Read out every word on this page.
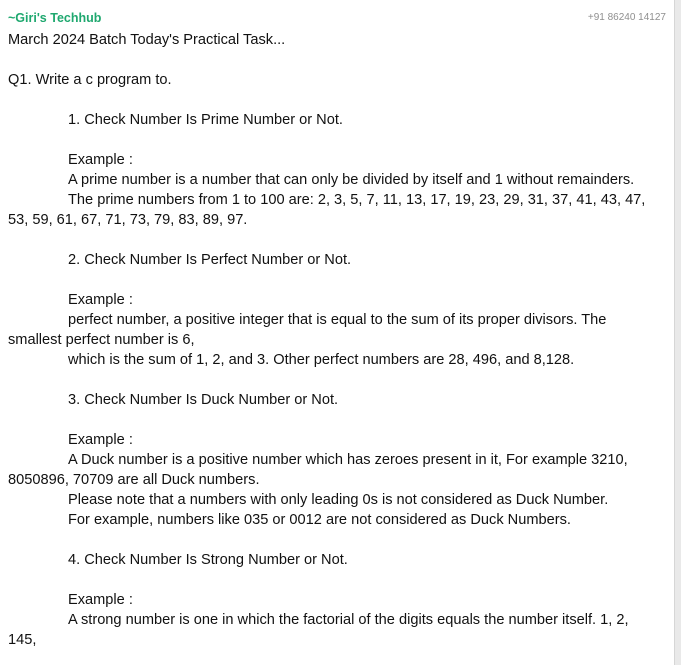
~Giri's Techhub	+91 86240 14127
March 2024 Batch Today's Practical Task...
Q1. Write a c program to.
1. Check Number Is Prime Number or Not.
Example :
A prime number is a number that can only be divided by itself and 1 without remainders.
The prime numbers from 1 to 100 are: 2, 3, 5, 7, 11, 13, 17, 19, 23, 29, 31, 37, 41, 43, 47,
53, 59, 61, 67, 71, 73, 79, 83, 89, 97.
2. Check Number Is Perfect Number or Not.
Example :
perfect number, a positive integer that is equal to the sum of its proper divisors. The
smallest perfect number is 6,
which is the sum of 1, 2, and 3. Other perfect numbers are 28, 496, and 8,128.
3. Check Number Is Duck Number or Not.
Example :
A Duck number is a positive number which has zeroes present in it, For example 3210,
8050896, 70709 are all Duck numbers.
Please note that a numbers with only leading 0s is not considered as Duck Number.
For example, numbers like 035 or 0012 are not considered as Duck Numbers.
4. Check Number Is Strong Number or Not.
Example :
A strong number is one in which the factorial of the digits equals the number itself. 1, 2,
145,
